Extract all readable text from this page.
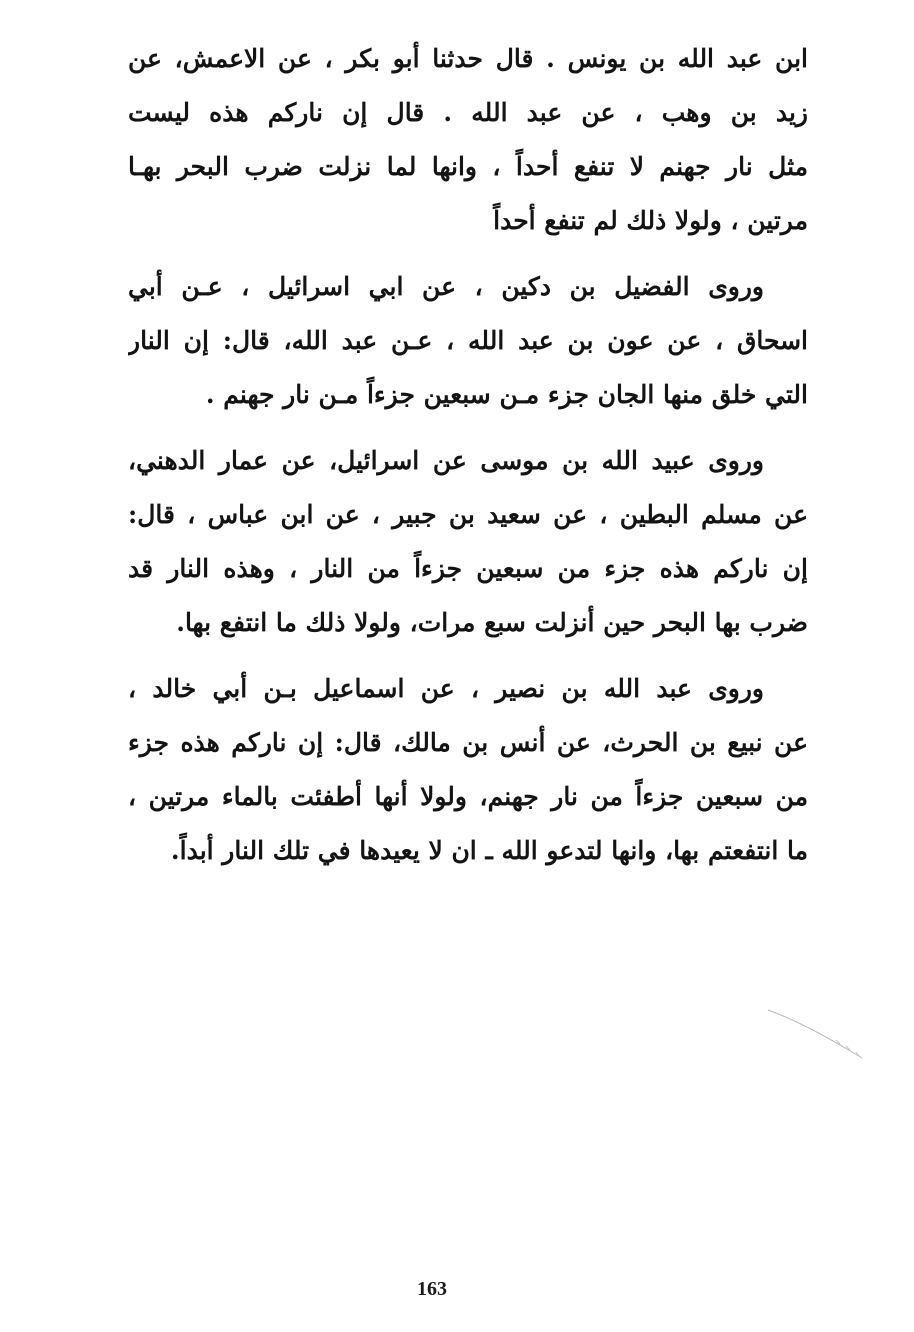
ابن عبد الله بن يونس . قال حدثنا أبو بكر ، عن الاعمش، عن
زيد بن وهب ، عن عبد الله . قال إن ناركم هذه ليست
مثل نار جهنم لا تنفع أحداً ، وانها لما نزلت ضرب البحر بهـا
مرتين ، ولولا ذلك لم تنفع أحداً
وروى الفضيل بن دكين ، عن ابي اسرائيل ، عـن أبي
اسحاق ، عن عون بن عبد الله ، عـن عبد الله، قال: إن النار
التي خلق منها الجان جزء مـن سبعين جزءاً مـن نار جهنم .
وروى عبيد الله بن موسى عن اسرائيل، عن عمار الدهني،
عن مسلم البطين ، عن سعيد بن جبير ، عن ابن عباس ، قال:
إن ناركم هذه جزء من سبعين جزءاً من النار ، وهذه النار قد
ضرب بها البحر حين أنزلت سبع مرات، ولولا ذلك ما انتفع بها.
وروى عبد الله بن نصير ، عن اسماعيل بـن أبي خالد ،
عن نبيع بن الحرث، عن أنس بن مالك، قال: إن ناركم هذه جزء
من سبعين جزءاً من نار جهنم، ولولا أنها أطفئت بالماء مرتين ،
ما انتفعتم بها، وانها لتدعو الله ـ ان لا يعيدها في تلك النار أبداً.
163
